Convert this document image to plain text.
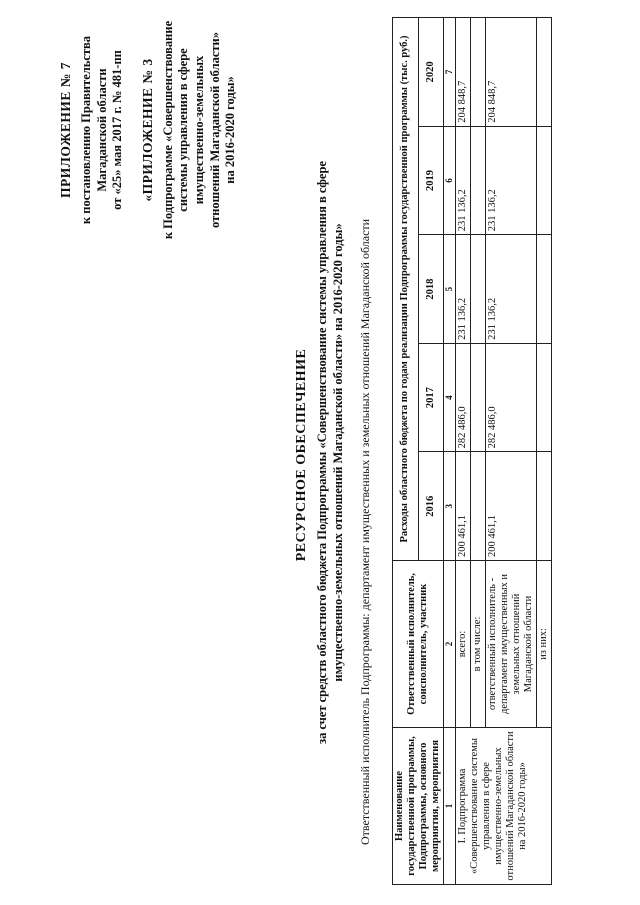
ПРИЛОЖЕНИЕ № 7 к постановлению Правительства Магаданской области от «25» мая 2017 г. № 481-пп «ПРИЛОЖЕНИЕ № 3 к Подпрограмме «Совершенствование системы управления в сфере имущественно-земельных отношений Магаданской области» на 2016-2020 годы»
РЕСУРСНОЕ ОБЕСПЕЧЕНИЕ за счет средств областного бюджета Подпрограммы «Совершенствование системы управления в сфере имущественно-земельных отношений Магаданской области» на 2016-2020 годы» Ответственный исполнитель Подпрограммы: департамент имущественных и земельных отношений Магаданской области Наименование государственной программы, Подпрограммы, основного мероприятия, мероприятия	Ответственный исполнитель, соисполнитель, участник	Расходы областного бюджета по годам реализации Подпрограммы государственной программы (тыс. руб.)				
		2016	2017	2018	2019	2020
1	2	3	4	5	6	7
I. Подпрограмма «Совершенствование системы управления в сфере имущественно-земельных отношений Магаданской области на 2016-2020 годы»	всего:	200 461,1	282 486,0	231 136,2	231 136,2	204 848,7
	в том числе:					
	ответственный исполнитель - департамент имущественных и земельных отношений Магаданской области	200 461,1	282 486,0	231 136,2	231 136,2	204 848,7
	из них:					
